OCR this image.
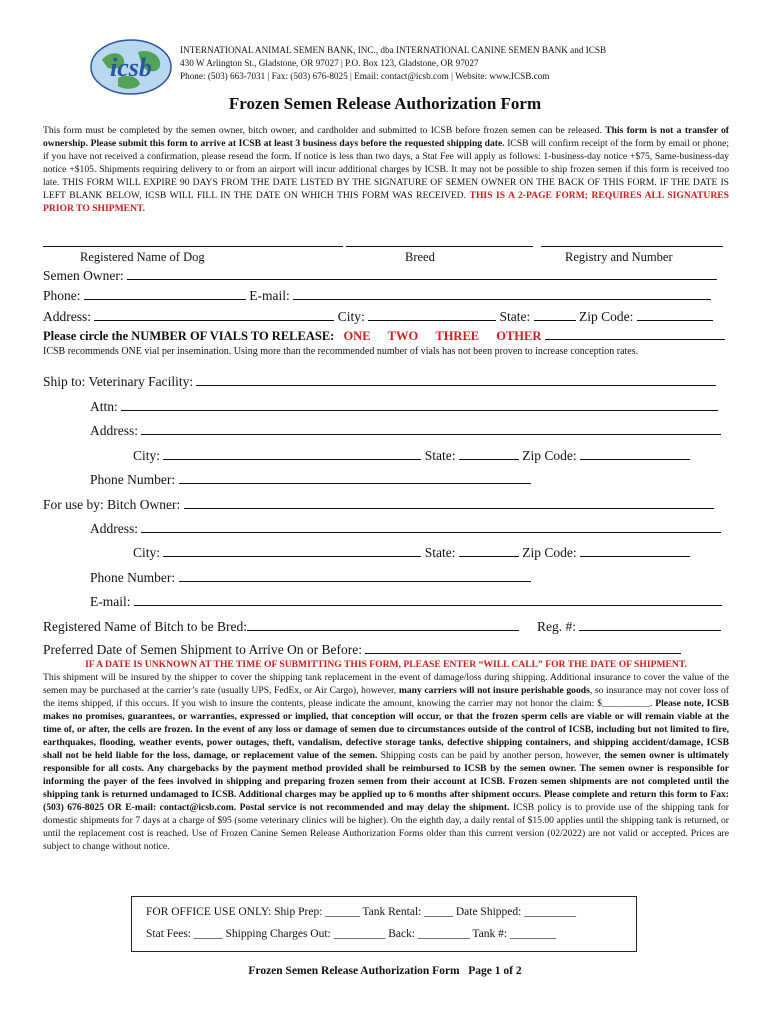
icsb
INTERNATIONAL ANIMAL SEMEN BANK, INC., dba INTERNATIONAL CANINE SEMEN BANK and ICSB
430 W Arlington St., Gladstone, OR 97027 | P.O. Box 123, Gladstone, OR 97027
Phone: (503) 663-7031 | Fax: (503) 676-8025 | Email: contact@icsb.com | Website: www.ICSB.com
Frozen Semen Release Authorization Form
This form must be completed by the semen owner, bitch owner, and cardholder and submitted to ICSB before frozen semen can be released. This form is not a transfer of ownership. Please submit this form to arrive at ICSB at least 3 business days before the requested shipping date. ICSB will confirm receipt of the form by email or phone; if you have not received a confirmation, please resend the form. If notice is less than two days, a Stat Fee will apply as follows: 1-business-day notice +$75, Same-business-day notice +$105. Shipments requiring delivery to or from an airport will incur additional charges by ICSB. It may not be possible to ship frozen semen if this form is received too late. THIS FORM WILL EXPIRE 90 DAYS FROM THE DATE LISTED BY THE SIGNATURE OF SEMEN OWNER ON THE BACK OF THIS FORM. IF THE DATE IS LEFT BLANK BELOW, ICSB WILL FILL IN THE DATE ON WHICH THIS FORM WAS RECEIVED. THIS IS A 2-PAGE FORM; REQUIRES ALL SIGNATURES PRIOR TO SHIPMENT.
Registered Name of Dog	Breed	Registry and Number
Semen Owner:
Phone:	E-mail:
Address:	City:	State:	Zip Code:
Please circle the NUMBER OF VIALS TO RELEASE: ONE TWO THREE OTHER
ICSB recommends ONE vial per insemination. Using more than the recommended number of vials has not been proven to increase conception rates.
Ship to: Veterinary Facility:
Attn:
Address:
City:	State:	Zip Code:
Phone Number:
For use by: Bitch Owner:
Address:
City:	State:	Zip Code:
Phone Number:
E-mail:
Registered Name of Bitch to be Bred:	Reg. #:
Preferred Date of Semen Shipment to Arrive On or Before:
IF A DATE IS UNKNOWN AT THE TIME OF SUBMITTING THIS FORM, PLEASE ENTER “WILL CALL” FOR THE DATE OF SHIPMENT.
This shipment will be insured by the shipper to cover the shipping tank replacement in the event of damage/loss during shipping. Additional insurance to cover the value of the semen may be purchased at the carrier’s rate (usually UPS, FedEx, or Air Cargo), however, many carriers will not insure perishable goods, so insurance may not cover loss of the items shipped, if this occurs. If you wish to insure the contents, please indicate the amount, knowing the carrier may not honor the claim: $__________. Please note, ICSB makes no promises, guarantees, or warranties, expressed or implied, that conception will occur, or that the frozen sperm cells are viable or will remain viable at the time of, or after, the cells are frozen. In the event of any loss or damage of semen due to circumstances outside of the control of ICSB, including but not limited to fire, earthquakes, flooding, weather events, power outages, theft, vandalism, defective storage tanks, defective shipping containers, and shipping accident/damage, ICSB shall not be held liable for the loss, damage, or replacement value of the semen. Shipping costs can be paid by another person, however, the semen owner is ultimately responsible for all costs. Any chargebacks by the payment method provided shall be reimbursed to ICSB by the semen owner. The semen owner is responsible for informing the payer of the fees involved in shipping and preparing frozen semen from their account at ICSB. Frozen semen shipments are not completed until the shipping tank is returned undamaged to ICSB. Additional charges may be applied up to 6 months after shipment occurs. Please complete and return this form to Fax: (503) 676-8025 OR E-mail: contact@icsb.com. Postal service is not recommended and may delay the shipment. ICSB policy is to provide use of the shipping tank for domestic shipments for 7 days at a charge of $95 (some veterinary clinics will be higher). On the eighth day, a daily rental of $15.00 applies until the shipping tank is returned, or until the replacement cost is reached. Use of Frozen Canine Semen Release Authorization Forms older than this current version (02/2022) are not valid or accepted. Prices are subject to change without notice.
FOR OFFICE USE ONLY: Ship Prep: ______ Tank Rental: _____ Date Shipped: _________
Stat Fees: _____ Shipping Charges Out: _________ Back: _________ Tank #: ________
Frozen Semen Release Authorization Form   Page 1 of 2
